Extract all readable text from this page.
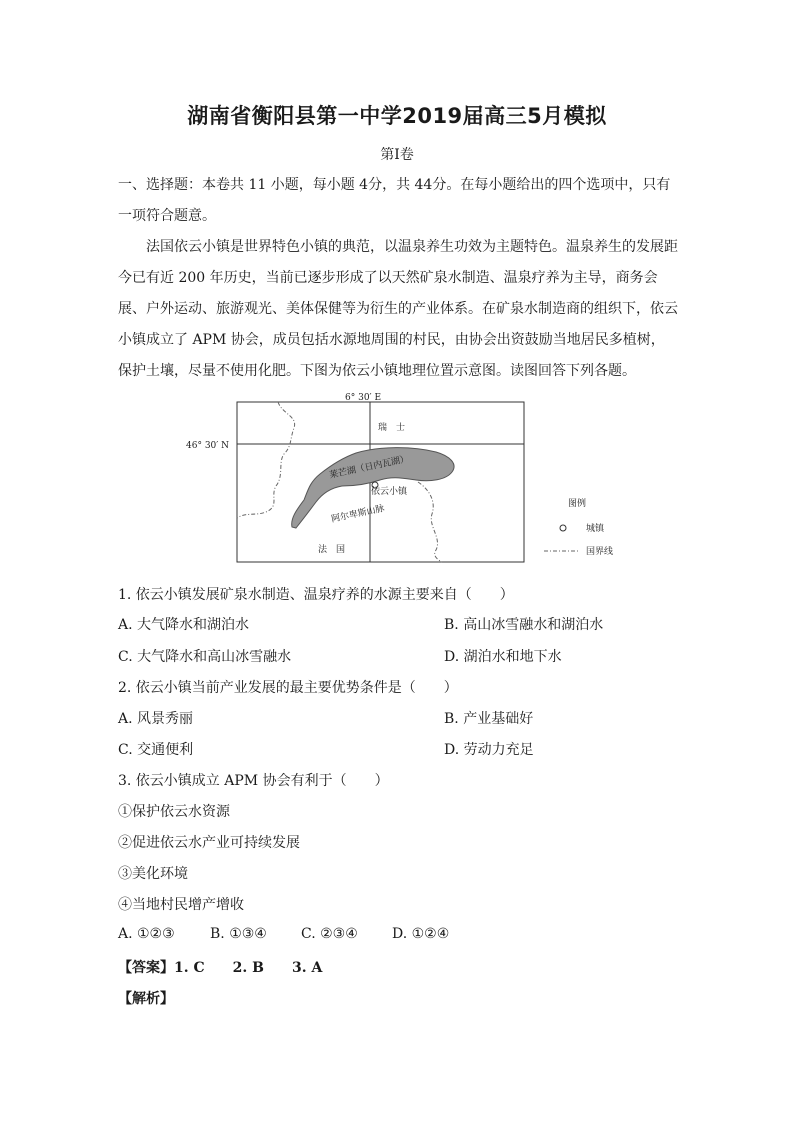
湖南省衡阳县第一中学2019届高三5月模拟
第Ⅰ卷
一、选择题：本卷共 11 小题，每小题 4分，共 44分。在每小题给出的四个选项中，只有一项符合题意。
法国依云小镇是世界特色小镇的典范，以温泉养生功效为主题特色。温泉养生的发展距今已有近 200 年历史，当前已逐步形成了以天然矿泉水制造、温泉疗养为主导，商务会展、户外运动、旅游观光、美体保健等为衍生的产业体系。在矿泉水制造商的组织下，依云小镇成立了 APM 协会，成员包括水源地周围的村民，由协会出资鼓励当地居民多植树，保护土壤，尽量不使用化肥。下图为依云小镇地理位置示意图。读图回答下列各题。
6° 30′ E
46° 30′ N
瑞　士
莱芒湖（日内瓦湖）
依云小镇
阿尔卑斯山脉
法　国
图例
城镇
国界线
1. 依云小镇发展矿泉水制造、温泉疗养的水源主要来自（　　）
A. 大气降水和湖泊水	B. 高山冰雪融水和湖泊水
C. 大气降水和高山冰雪融水	D. 湖泊水和地下水
2. 依云小镇当前产业发展的最主要优势条件是（　　）
A. 风景秀丽	B. 产业基础好
C. 交通便利	D. 劳动力充足
3. 依云小镇成立 APM 协会有利于（　　）
①保护依云水资源
②促进依云水产业可持续发展
③美化环境
④当地村民增产增收
A. ①②③	B. ①③④ C. ②③④ D. ①②④
【答案】1. C　　2. B　　3. A
【解析】
